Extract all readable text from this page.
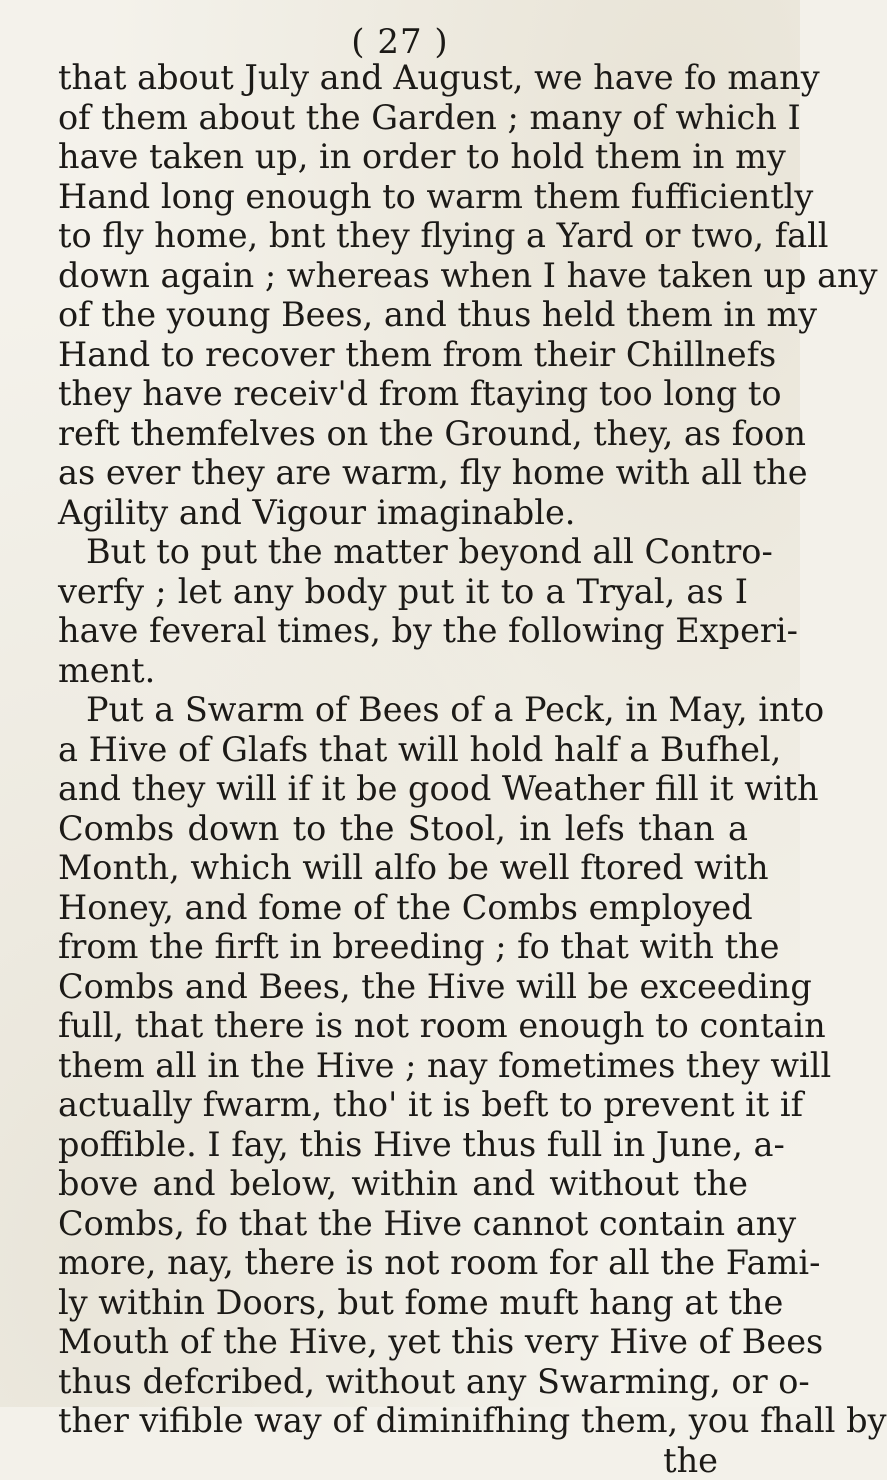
( 27 )
that about July and August, we have fo many
of them about the Garden ; many of which I
have taken up, in order to hold them in my
Hand long enough to warm them fufficiently
to fly home, bnt they flying a Yard or two, fall
down again ; whereas when I have taken up any
of the young Bees, and thus held them in my
Hand to recover them from their Chillnefs
they have receiv'd from ftaying too long to
reft themfelves on the Ground, they, as foon
as ever they are warm, fly home with all the
Agility and Vigour imaginable.
But to put the matter beyond all Contro-
verfy ; let any body put it to a Tryal, as I
have feveral times, by the following Experi-
ment.
Put a Swarm of Bees of a Peck, in May, into
a Hive of Glafs that will hold half a Bufhel,
and they will if it be good Weather fill it with
Combs down to the Stool, in lefs than a
Month, which will alfo be well ftored with
Honey, and fome of the Combs employed
from the firft in breeding ; fo that with the
Combs and Bees, the Hive will be exceeding
full, that there is not room enough to contain
them all in the Hive ; nay fometimes they will
actually fwarm, tho' it is beft to prevent it if
poffible. I fay, this Hive thus full in June, a-
bove and below, within and without the
Combs, fo that the Hive cannot contain any
more, nay, there is not room for all the Fami-
ly within Doors, but fome muft hang at the
Mouth of the Hive, yet this very Hive of Bees
thus defcribed, without any Swarming, or o-
ther vifible way of diminifhing them, you fhall by
the
